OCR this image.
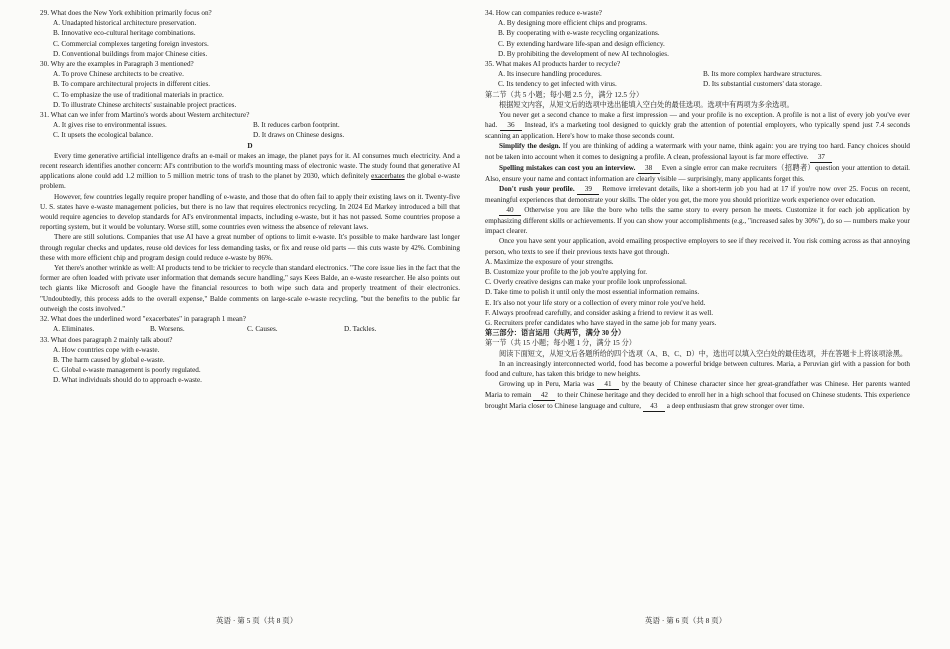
29. What does the New York exhibition primarily focus on?
A. Unadapted historical architecture preservation.
B. Innovative eco-cultural heritage combinations.
C. Commercial complexes targeting foreign investors.
D. Conventional buildings from major Chinese cities.
30. Why are the examples in Paragraph 3 mentioned?
A. To prove Chinese architects to be creative.
B. To compare architectural projects in different cities.
C. To emphasize the use of traditional materials in practice.
D. To illustrate Chinese architects' sustainable project practices.
31. What can we infer from Martino's words about Western architecture?
A. It gives rise to environmental issues.	B. It reduces carbon footprint.
C. It upsets the ecological balance.	D. It draws on Chinese designs.
D

Every time generative artificial intelligence drafts an e-mail or makes an image, the planet pays for it. AI consumes much electricity. And a recent research identifies another concern: AI's contribution to the world's mounting mass of electronic waste. The study found that generative AI applications alone could add 1.2 million to 5 million metric tons of trash to the planet by 2030, which definitely exacerbates the global e-waste problem.

However, few countries legally require proper handling of e-waste, and those that do often fail to apply their existing laws on it. Twenty-five U. S. states have e-waste management policies, but there is no law that requires electronics recycling. In 2024 Ed Markey introduced a bill that would require agencies to develop standards for AI's environmental impacts, including e-waste, but it has not passed. Some countries propose a reporting system, but it would be voluntary. Worse still, some countries even witness the absence of relevant laws.

There are still solutions. Companies that use AI have a great number of options to limit e-waste. It's possible to make hardware last longer through regular checks and updates, reuse old devices for less demanding tasks, or fix and reuse old parts — this cuts waste by 42%. Combining these with more efficient chip and program design could reduce e-waste by 86%.

Yet there's another wrinkle as well: AI products tend to be trickier to recycle than standard electronics. "The core issue lies in the fact that the former are often loaded with private user information that demands secure handling," says Kees Balde, an e-waste researcher. He also points out tech giants like Microsoft and Google have the financial resources to both wipe such data and properly treatment of their electronics. "Undoubtedly, this process adds to the overall expense," Balde comments on large-scale e-waste recycling, "but the benefits to the public far outweigh the costs involved."

32. What does the underlined word "exacerbates" in paragraph 1 mean?
A. Eliminates.	B. Worsens.	C. Causes.	D. Tackles.
33. What does paragraph 2 mainly talk about?
A. How countries cope with e-waste.
B. The harm caused by global e-waste.
C. Global e-waste management is poorly regulated.
D. What individuals should do to approach e-waste.
英语 · 第 5 页（共 8 页）
34. How can companies reduce e-waste?
A. By designing more efficient chips and programs.
B. By cooperating with e-waste recycling organizations.
C. By extending hardware life-span and design efficiency.
D. By prohibiting the development of new AI technologies.
35. What makes AI products harder to recycle?
A. Its insecure handling procedures.	B. Its more complex hardware structures.
C. Its tendency to get infected with virus.	D. Its substantial customers' data storage.
第二节（共 5 小题；每小题 2.5 分，满分 12.5 分）

根据短文内容，从短文后的选项中选出能填入空白处的最佳选项。选项中有两项为多余选项。

You never get a second chance to make a first impression — and your profile is no exception. A profile is not a list of every job you've ever had. 36 Instead, it's a marketing tool designed to quickly grab the attention of potential employers, who typically spend just 7.4 seconds scanning an application. Here's how to make those seconds count.

Simplify the design. If you are thinking of adding a watermark with your name, think again: you are trying too hard. Fancy choices should not be taken into account when it comes to designing a profile. A clean, professional layout is far more effective. 37

Spelling mistakes can cost you an interview. 38 Even a single error can make recruiters（招聘者）question your attention to detail. Also, ensure your name and contact information are clearly visible — surprisingly, many applicants forget this.

Don't rush your profile. 39 Remove irrelevant details, like a short-term job you had at 17 if you're now over 25. Focus on recent, meaningful experiences that demonstrate your skills. The older you get, the more you should prioritize work experience over education.

40 Otherwise you are like the bore who tells the same story to every person he meets. Customize it for each job application by emphasizing different skills or achievements. If you can show your accomplishments (e.g., "increased sales by 30%"), do so — numbers make your impact clearer.

Once you have sent your application, avoid emailing prospective employers to see if they received it. You risk coming across as that annoying person, who texts to see if their previous texts have got through.

A. Maximize the exposure of your strengths.
B. Customize your profile to the job you're applying for.
C. Overly creative designs can make your profile look unprofessional.
D. Take time to polish it until only the most essential information remains.
E. It's also not your life story or a collection of every minor role you've held.
F. Always proofread carefully, and consider asking a friend to review it as well.
G. Recruiters prefer candidates who have stayed in the same job for many years.
第三部分：语言运用（共两节，满分 30 分）
第一节（共 15 小题；每小题 1 分，满分 15 分）

阅读下面短文，从短文后各题所给的四个选项（A、B、C、D）中，选出可以填入空白处的最佳选项，并在答题卡上将该项涂黑。

In an increasingly interconnected world, food has become a powerful bridge between cultures. Maria, a Peruvian girl with a passion for both food and culture, has taken this bridge to new heights.

Growing up in Peru, Maria was 41 by the beauty of Chinese character since her great-grandfather was Chinese. Her parents wanted Maria to remain 42 to their Chinese heritage and they decided to enroll her in a high school that focused on Chinese students. This experience brought Maria closer to Chinese language and culture, 43 a deep enthusiasm that grew stronger over time.

英语 · 第 6 页（共 8 页）
